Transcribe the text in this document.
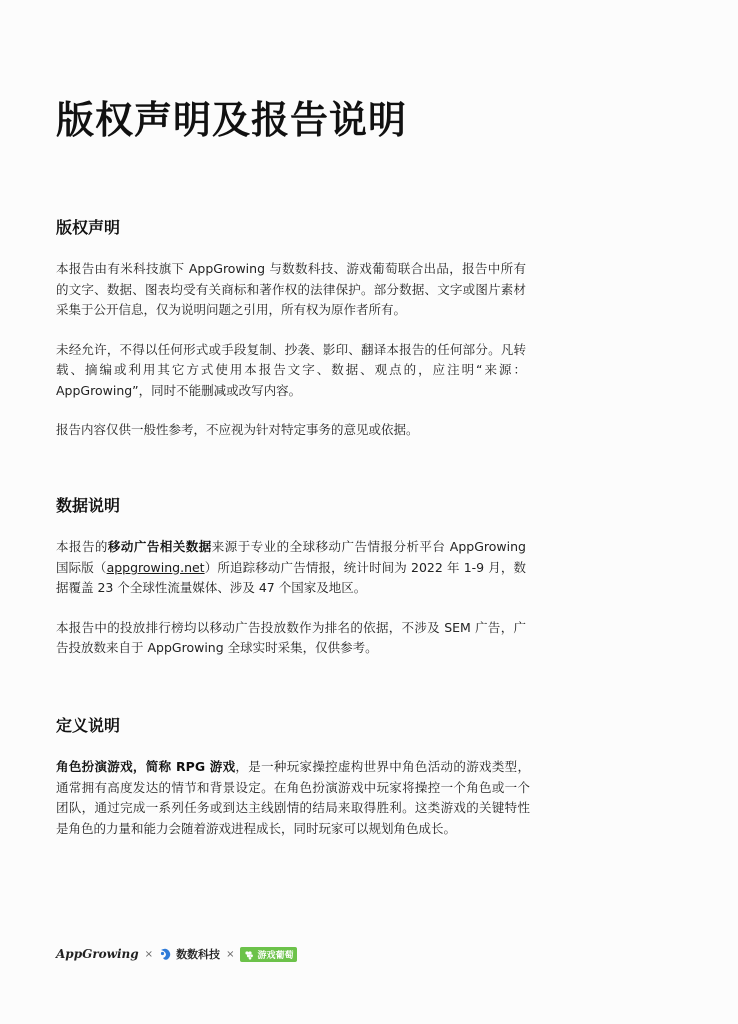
版权声明及报告说明
版权声明

本报告由有米科技旗下 AppGrowing 与数数科技、游戏葡萄联合出品，报告中所有的文字、数据、图表均受有关商标和著作权的法律保护。部分数据、文字或图片素材采集于公开信息，仅为说明问题之引用，所有权为原作者所有。

未经允许，不得以任何形式或手段复制、抄袭、影印、翻译本报告的任何部分。凡转载、摘编或利用其它方式使用本报告文字、数据、观点的，应注明“来源：AppGrowing”，同时不能删减或改写内容。

报告内容仅供一般性参考，不应视为针对特定事务的意见或依据。

数据说明

本报告的移动广告相关数据来源于专业的全球移动广告情报分析平台 AppGrowing 国际版（appgrowing.net）所追踪移动广告情报，统计时间为 2022 年 1-9 月，数据覆盖 23 个全球性流量媒体、涉及 47 个国家及地区。

本报告中的投放排行榜均以移动广告投放数作为排名的依据，不涉及 SEM 广告，广告投放数来自于 AppGrowing 全球实时采集，仅供参考。

定义说明

角色扮演游戏，简称 RPG 游戏，是一种玩家操控虚构世界中角色活动的游戏类型，通常拥有高度发达的情节和背景设定。在角色扮演游戏中玩家将操控一个角色或一个团队，通过完成一系列任务或到达主线剧情的结局来取得胜利。这类游戏的关键特性是角色的力量和能力会随着游戏进程成长，同时玩家可以规划角色成长。

AppGrowing × 数数科技 ×	游戏葡萄
